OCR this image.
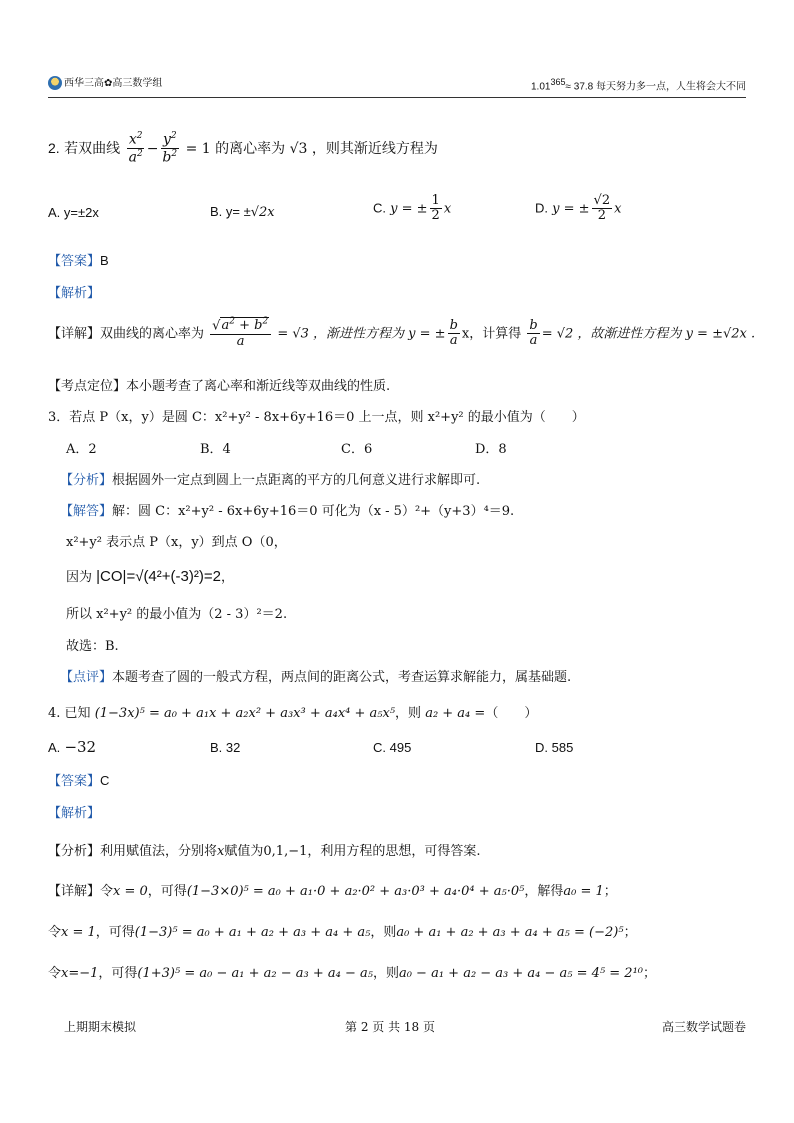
西华三高✿高三数学组	1.01365≈ 37.8 每天努力多一点，人生将会大不同
2. 若双曲线 $\frac{x^2}{a^2} - \frac{y^2}{b^2} = 1$ 的离心率为 √3 ，则其渐近线方程为
A. y=±2x	B. y= ±√2x	C. y = ± $\frac{1}{2}$ x	D. y = ± $\frac{√2}{2}$ x
【答案】B
【解析】
【详解】双曲线的离心率为 $\frac{√a^2 + b^2}{a} = √3$ ，渐进性方程为 y = ± $\frac{b}{a}$ x，计算得 $\frac{b}{a} = √2$ ，故渐进性方程为 y = ±√2x .
【考点定位】本小题考查了离心率和渐近线等双曲线的性质.
3．若点 P（x，y）是圆 C：x²+y² - 8x+6y+16＝0 上一点，则 x²+y² 的最小值为（　　）
A．2	B．4	C．6	D．8
【分析】根据圆外一定点到圆上一点距离的平方的几何意义进行求解即可.
【解答】解：圆 C：x²+y² - 6x+6y+16＝0 可化为（x - 5）²+（y+3）⁴＝9.
x²+y² 表示点 P（x，y）到点 O（0，
因为 |CO|=√(4²+(-3)²)=2，
所以 x²+y² 的最小值为（2 - 3）²＝2.
故选：B.
【点评】本题考查了圆的一般式方程，两点间的距离公式，考查运算求解能力，属基础题.
4. 已知 (1−3x)⁵ = a₀ + a₁x + a₂x² + a₃x³ + a₄x⁴ + a₅x⁵，则 a₂ + a₄ =（　　）
A. −32	B. 32	C. 495	D. 585
【答案】C
【解析】
【分析】利用赋值法，分别将x赋值为0,1,−1，利用方程的思想，可得答案.
【详解】令x = 0，可得(1−3×0)⁵ = a₀ + a₁·0 + a₂·0² + a₃·0³ + a₄·0⁴ + a₅·0⁵，解得a₀ = 1；
令x = 1，可得(1−3)⁵ = a₀ + a₁ + a₂ + a₃ + a₄ + a₅，则a₀ + a₁ + a₂ + a₃ + a₄ + a₅ = (−2)⁵；
令x=−1，可得(1+3)⁵ = a₀ − a₁ + a₂ − a₃ + a₄ − a₅，则a₀ − a₁ + a₂ − a₃ + a₄ − a₅ = 4⁵ = 2¹⁰；
上期期末模拟	第 2 页 共 18 页	高三数学试题卷
